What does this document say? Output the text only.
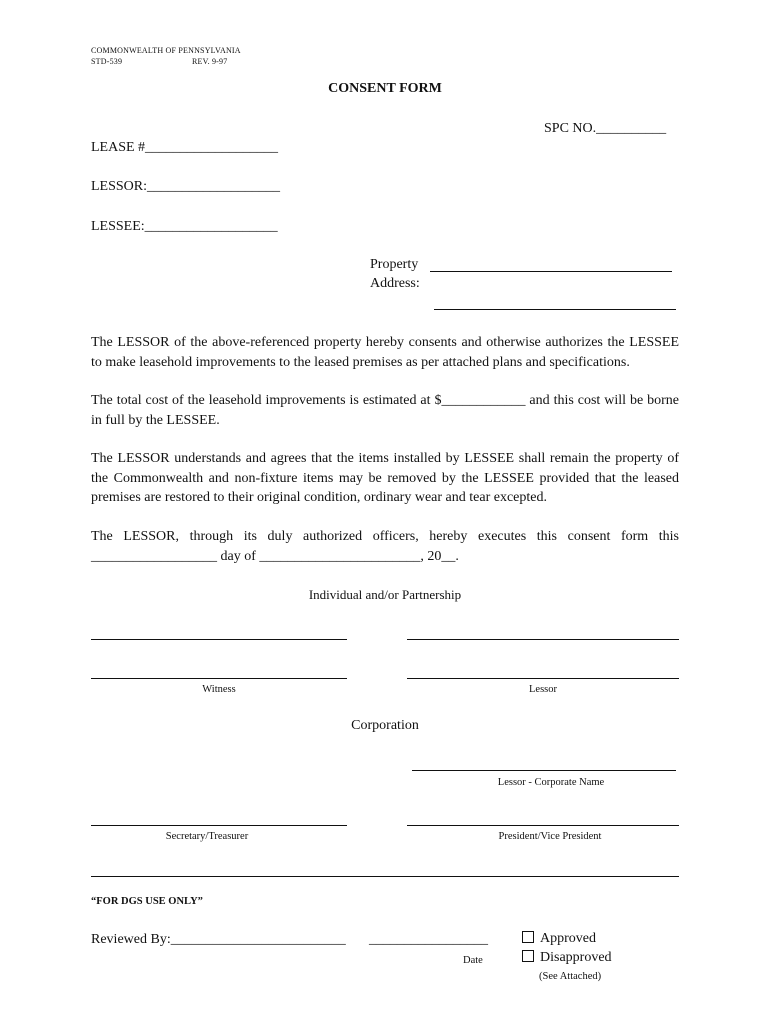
COMMONWEALTH OF PENNSYLVANIA
STD-539	REV. 9-97
CONSENT FORM
SPC NO.__________
LEASE #___________________
LESSOR:___________________
LESSEE:___________________
Property
Address:

The LESSOR of the above-referenced property hereby consents and otherwise authorizes the LESSEE to make leasehold improvements to the leased premises as per attached plans and specifications.

The total cost of the leasehold improvements is estimated at $____________ and this cost will be borne in full by the LESSEE.

The LESSOR understands and agrees that the items installed by LESSEE shall remain the property of the Commonwealth and non-fixture items may be removed by the LESSEE provided that the leased premises are restored to their original condition, ordinary wear and tear excepted.

The LESSOR, through its duly authorized officers, hereby executes this consent form this __________________ day of _______________________, 20__.

Individual and/or Partnership
Witness	Lessor
Corporation
Lessor - Corporate Name
Secretary/Treasurer	President/Vice President
“FOR DGS USE ONLY”
Reviewed By:_________________________ _________________
Date
Approved
Disapproved
(See Attached)
